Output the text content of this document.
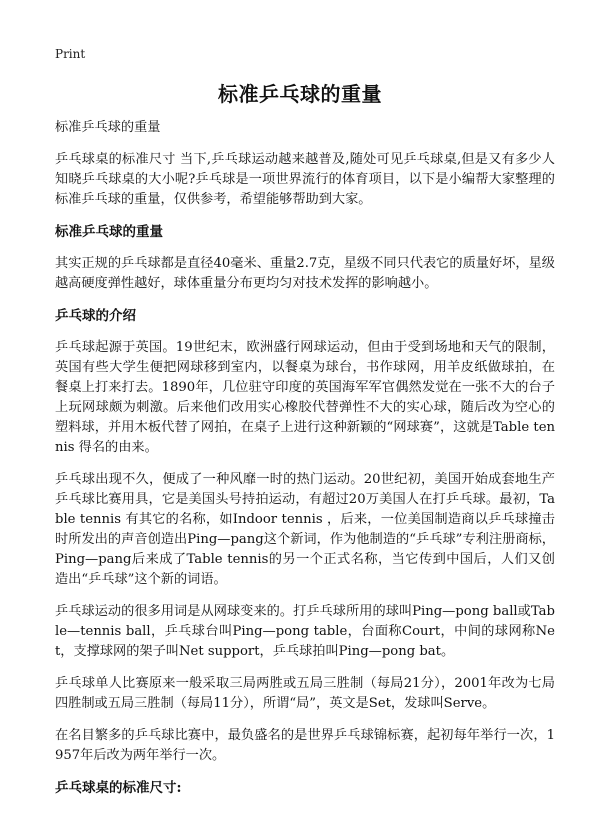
Print
标准乒乓球的重量

标准乒乓球的重量

乒乓球桌的标准尺寸 当下,乒乓球运动越来越普及,随处可见乒乓球桌,但是又有多少人知晓乒乓球桌的大小呢?乒乓球是一项世界流行的体育项目，以下是小编帮大家整理的标准乒乓球的重量，仅供参考，希望能够帮助到大家。

标准乒乓球的重量

其实正规的乒乓球都是直径40毫米、重量2.7克，星级不同只代表它的质量好坏，星级越高硬度弹性越好，球体重量分布更均匀对技术发挥的影响越小。

乒乓球的介绍

乒乓球起源于英国。19世纪末，欧洲盛行网球运动，但由于受到场地和天气的限制，英国有些大学生便把网球移到室内，以餐桌为球台，书作球网，用羊皮纸做球拍，在餐桌上打来打去。1890年，几位驻守印度的英国海军军官偶然发觉在一张不大的台子上玩网球颇为刺激。后来他们改用实心橡胶代替弹性不大的实心球，随后改为空心的塑料球，并用木板代替了网拍，在桌子上进行这种新颖的“网球赛”，这就是Table tennis 得名的由来。

乒乓球出现不久，便成了一种风靡一时的热门运动。20世纪初，美国开始成套地生产乒乓球比赛用具，它是美国头号持拍运动，有超过20万美国人在打乒乓球。最初，Table tennis 有其它的名称，如Indoor tennis ，后来，一位美国制造商以乒乓球撞击时所发出的声音创造出Ping—pang这个新词，作为他制造的“乒乓球”专利注册商标，Ping—pang后来成了Table tennis的另一个正式名称，当它传到中国后，人们又创造出“乒乓球”这个新的词语。

乒乓球运动的很多用词是从网球变来的。打乒乓球所用的球叫Ping—pong ball或Table—tennis ball，乒乓球台叫Ping—pong table，台面称Court，中间的球网称Net，支撑球网的架子叫Net support，乒乓球拍叫Ping—pong bat。

乒乓球单人比赛原来一般采取三局两胜或五局三胜制（每局21分），2001年改为七局四胜制或五局三胜制（每局11分），所谓“局”，英文是Set，发球叫Serve。

在名目繁多的乒乓球比赛中，最负盛名的是世界乒乓球锦标赛，起初每年举行一次，1957年后改为两年举行一次。

乒乓球桌的标准尺寸:
